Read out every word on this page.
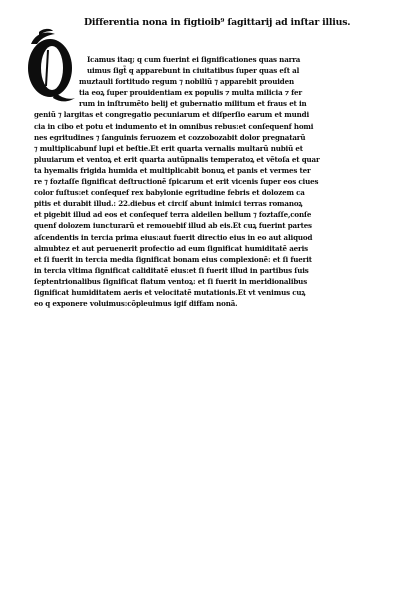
Differentia nona in figtioib⁹ ſagittarij ad inſtar illius.
Icamus itaq; q cum fuerint ei ſignificationes quas narra
uimus ſigt̃ q apparebunt in ciuitatibus ſuper quas eſt al
muztauli fortitudo regum ⁊ nobiliũ ⁊ apparebit prouiden
tia eoꝝ ſuper prouidentiam ex populis ⁊ multa milicia ⁊ fer
rum in inſtrumẽto belij et gubernatio militum et fraus et in
geniũ ⁊ largitas et congregatio pecuniarum et diſperſio earum et mundi
cia in cibo et potu et indumento et in omnibus rebus:et conſequenf homi
nes egritudines ⁊ ſanguinis feruozem et cozzobozabit dolor pregnatarũ
⁊ multiplicabunf lupi et beſtie.Et erit quarta vernalis multarũ nubiũ et
pluuiarum et ventoꝝ et erit quarta autũpnalis temperatoꝝ et vẽtoſa et quar
ta hyemalis frigida humida et multiplicabit bonuꝝ et panis et vermes ter
re ⁊ foztaſſe ſignificat deſtructionẽ ſpicarum et erit vicenis ſuper eos ciues
color fuſtus:et conſequef rex babylonie egritudine febris et dolozem ca
pitis et durabit illud.: 22.diebus et circiſ abunt inimici terras romanoꝝ
et pigebit illud ad eos et conſequef terra aldeilen bellum ⁊ foztaſſe,conſe
quenf dolozem iuncturarũ et remouebif illud ab eis.Et cuꝝ fuerint partes
aſcendentis in tercia prima eius:aut fuerit directio eius in eo aut aliquod
almubtez et aut peruenerit profectio ad eum ſignificat humiditatẽ aeris
et ſi fuerit in tercia media ſignificat bonam eius complexionẽ: et ſi fuerit
in tercia vltima ſignificat caliditatẽ eius:et ſi fuerit illud in partibus ſuis
ſeptentrionalibus ſignificat flatum ventoꝝ: et ſi fuerit in meridionalibus
ſignificat humiditatem aeris et velocitatẽ mutationis.Et vt venimus cuꝝ
eo q exponere voluimus:cõpleuimus igif diffam nonã.
